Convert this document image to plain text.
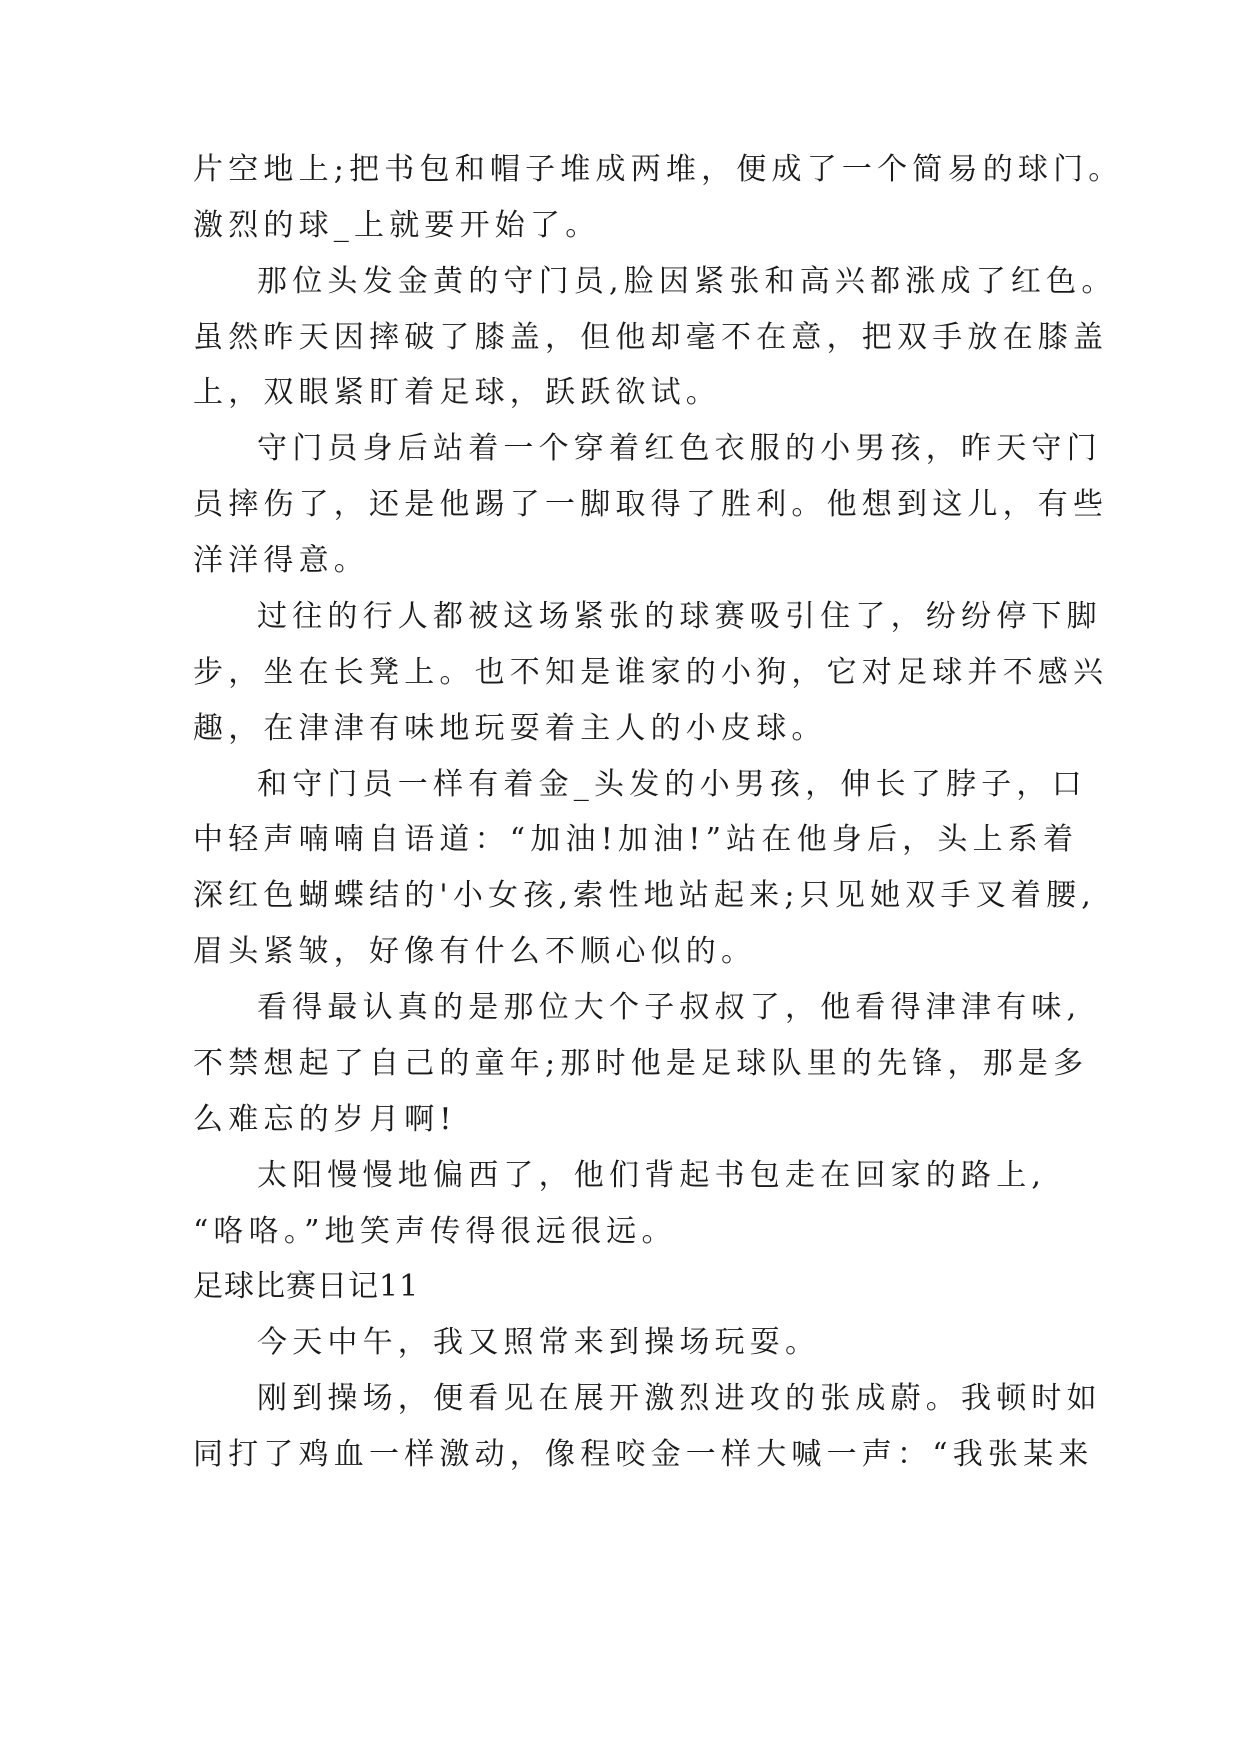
片空地上;把书包和帽子堆成两堆，便成了一个简易的球门。
激烈的球_上就要开始了。
那位头发金黄的守门员,脸因紧张和高兴都涨成了红色。
虽然昨天因摔破了膝盖，但他却毫不在意，把双手放在膝盖
上，双眼紧盯着足球，跃跃欲试。
守门员身后站着一个穿着红色衣服的小男孩，昨天守门
员摔伤了，还是他踢了一脚取得了胜利。他想到这儿，有些
洋洋得意。
过往的行人都被这场紧张的球赛吸引住了，纷纷停下脚
步，坐在长凳上。也不知是谁家的小狗，它对足球并不感兴
趣，在津津有味地玩耍着主人的小皮球。
和守门员一样有着金_头发的小男孩，伸长了脖子，口
中轻声喃喃自语道：“加油!加油!”站在他身后，头上系着
深红色蝴蝶结的'小女孩,索性地站起来;只见她双手叉着腰,
眉头紧皱，好像有什么不顺心似的。
看得最认真的是那位大个子叔叔了，他看得津津有味,
不禁想起了自己的童年;那时他是足球队里的先锋，那是多
么难忘的岁月啊!
太阳慢慢地偏西了，他们背起书包走在回家的路上,
“咯咯。”地笑声传得很远很远。
足球比赛日记11
今天中午，我又照常来到操场玩耍。
刚到操场，便看见在展开激烈进攻的张成蔚。我顿时如
同打了鸡血一样激动，像程咬金一样大喊一声：“我张某来
